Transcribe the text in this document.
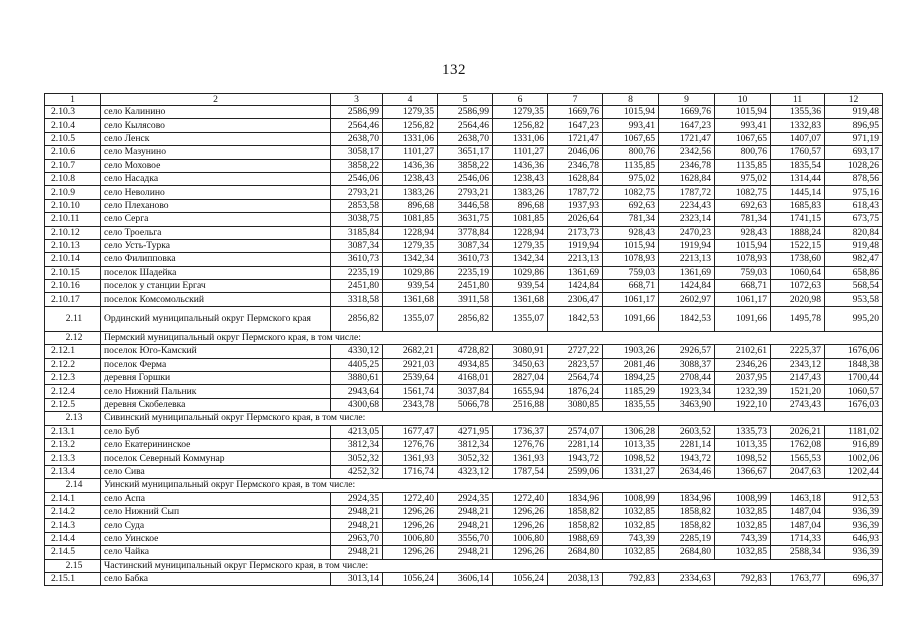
132
1	2	3	4	5	6	7	8	9	10	11	12
2.10.3	село Калинино	2586,99	1279,35	2586,99	1279,35	1669,76	1015,94	1669,76	1015,94	1355,36	919,48
2.10.4	село Кылясово	2564,46	1256,82	2564,46	1256,82	1647,23	993,41	1647,23	993,41	1332,83	896,95
2.10.5	село Ленск	2638,70	1331,06	2638,70	1331,06	1721,47	1067,65	1721,47	1067,65	1407,07	971,19
2.10.6	село Мазунино	3058,17	1101,27	3651,17	1101,27	2046,06	800,76	2342,56	800,76	1760,57	693,17
2.10.7	село Моховое	3858,22	1436,36	3858,22	1436,36	2346,78	1135,85	2346,78	1135,85	1835,54	1028,26
2.10.8	село Насадка	2546,06	1238,43	2546,06	1238,43	1628,84	975,02	1628,84	975,02	1314,44	878,56
2.10.9	село Неволино	2793,21	1383,26	2793,21	1383,26	1787,72	1082,75	1787,72	1082,75	1445,14	975,16
2.10.10	село Плеханово	2853,58	896,68	3446,58	896,68	1937,93	692,63	2234,43	692,63	1685,83	618,43
2.10.11	село Серга	3038,75	1081,85	3631,75	1081,85	2026,64	781,34	2323,14	781,34	1741,15	673,75
2.10.12	село Троельга	3185,84	1228,94	3778,84	1228,94	2173,73	928,43	2470,23	928,43	1888,24	820,84
2.10.13	село Усть-Турка	3087,34	1279,35	3087,34	1279,35	1919,94	1015,94	1919,94	1015,94	1522,15	919,48
2.10.14	село Филипповка	3610,73	1342,34	3610,73	1342,34	2213,13	1078,93	2213,13	1078,93	1738,60	982,47
2.10.15	поселок Шадейка	2235,19	1029,86	2235,19	1029,86	1361,69	759,03	1361,69	759,03	1060,64	658,86
2.10.16	поселок у станции Ергач	2451,80	939,54	2451,80	939,54	1424,84	668,71	1424,84	668,71	1072,63	568,54
2.10.17	поселок Комсомольский	3318,58	1361,68	3911,58	1361,68	2306,47	1061,17	2602,97	1061,17	2020,98	953,58
2.11	Ординский муниципальный округ Пермского края	2856,82	1355,07	2856,82	1355,07	1842,53	1091,66	1842,53	1091,66	1495,78	995,20
2.12	Пермский муниципальный округ Пермского края, в том числе:										
2.12.1	поселок Юго-Камский	4330,12	2682,21	4728,82	3080,91	2727,22	1903,26	2926,57	2102,61	2225,37	1676,06
2.12.2	поселок Ферма	4405,25	2921,03	4934,85	3450,63	2823,57	2081,46	3088,37	2346,26	2343,12	1848,38
2.12.3	деревня Горшки	3880,61	2539,64	4168,01	2827,04	2564,74	1894,25	2708,44	2037,95	2147,43	1700,44
2.12.4	село Нижний Пальник	2943,64	1561,74	3037,84	1655,94	1876,24	1185,29	1923,34	1232,39	1521,20	1060,57
2.12.5	деревня Скобелевка	4300,68	2343,78	5066,78	2516,88	3080,85	1835,55	3463,90	1922,10	2743,43	1676,03
2.13	Сивинский муниципальный округ Пермского края, в том числе:										
2.13.1	село Буб	4213,05	1677,47	4271,95	1736,37	2574,07	1306,28	2603,52	1335,73	2026,21	1181,02
2.13.2	село Екатерининское	3812,34	1276,76	3812,34	1276,76	2281,14	1013,35	2281,14	1013,35	1762,08	916,89
2.13.3	поселок Северный Коммунар	3052,32	1361,93	3052,32	1361,93	1943,72	1098,52	1943,72	1098,52	1565,53	1002,06
2.13.4	село Сива	4252,32	1716,74	4323,12	1787,54	2599,06	1331,27	2634,46	1366,67	2047,63	1202,44
2.14	Уинский муниципальный округ Пермского края, в том числе:										
2.14.1	село Аспа	2924,35	1272,40	2924,35	1272,40	1834,96	1008,99	1834,96	1008,99	1463,18	912,53
2.14.2	село Нижний Сып	2948,21	1296,26	2948,21	1296,26	1858,82	1032,85	1858,82	1032,85	1487,04	936,39
2.14.3	село Суда	2948,21	1296,26	2948,21	1296,26	1858,82	1032,85	1858,82	1032,85	1487,04	936,39
2.14.4	село Уинское	2963,70	1006,80	3556,70	1006,80	1988,69	743,39	2285,19	743,39	1714,33	646,93
2.14.5	село Чайка	2948,21	1296,26	2948,21	1296,26	2684,80	1032,85	2684,80	1032,85	2588,34	936,39
2.15	Частинский муниципальный округ Пермского края, в том числе:										
2.15.1	село Бабка	3013,14	1056,24	3606,14	1056,24	2038,13	792,83	2334,63	792,83	1763,77	696,37
